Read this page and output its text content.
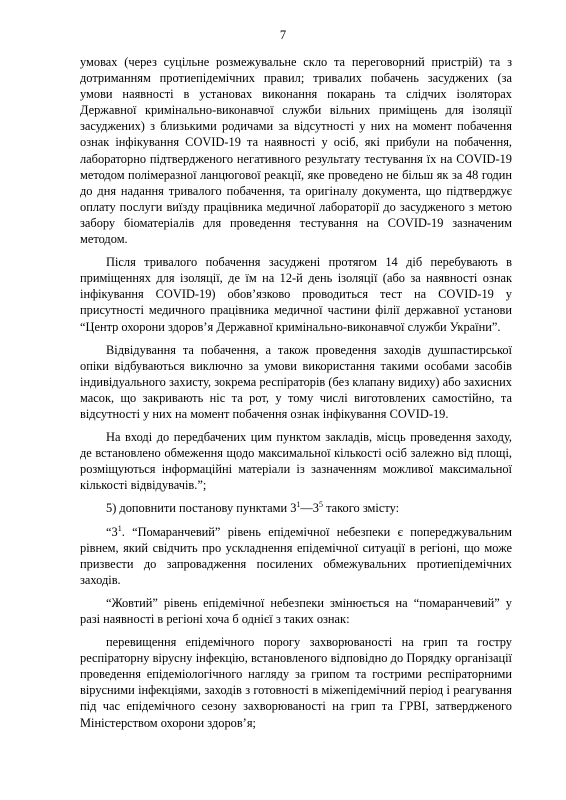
7

умовах (через суцільне розмежувальне скло та переговорний пристрій) та з дотриманням протиепідемічних правил; тривалих побачень засуджених (за умови наявності в установах виконання покарань та слідчих ізоляторах Державної кримінально-виконавчої служби вільних приміщень для ізоляції засуджених) з близькими родичами за відсутності у них на момент побачення ознак інфікування COVID-19 та наявності у осіб, які прибули на побачення, лабораторно підтвердженого негативного результату тестування їх на COVID-19 методом полімеразної ланцюгової реакції, яке проведено не більш як за 48 годин до дня надання тривалого побачення, та оригіналу документа, що підтверджує оплату послуги виїзду працівника медичної лабораторії до засудженого з метою забору біоматеріалів для проведення тестування на COVID-19 зазначеним методом.

Після тривалого побачення засуджені протягом 14 діб перебувають в приміщеннях для ізоляції, де їм на 12-й день ізоляції (або за наявності ознак інфікування COVID-19) обов’язково проводиться тест на COVID-19 у присутності медичного працівника медичної частини філії державної установи “Центр охорони здоров’я Державної кримінально-виконавчої служби України”.

Відвідування та побачення, а також проведення заходів душпастирської опіки відбуваються виключно за умови використання такими особами засобів індивідуального захисту, зокрема респіраторів (без клапану видиху) або захисних масок, що закривають ніс та рот, у тому числі виготовлених самостійно, та відсутності у них на момент побачення ознак інфікування COVID-19.

На вході до передбачених цим пунктом закладів, місць проведення заходу, де встановлено обмеження щодо максимальної кількості осіб залежно від площі, розміщуються інформаційні матеріали із зазначенням можливої максимальної кількості відвідувачів.”;

5) доповнити постанову пунктами $3^1—3^5$ такого змісту:

“$3^1$. “Помаранчевий” рівень епідемічної небезпеки є попереджувальним рівнем, який свідчить про ускладнення епідемічної ситуації в регіоні, що може призвести до запровадження посилених обмежувальних протиепідемічних заходів.

“Жовтий” рівень епідемічної небезпеки змінюється на “помаранчевий” у разі наявності в регіоні хоча б однієї з таких ознак:

перевищення епідемічного порогу захворюваності на грип та гостру респіраторну вірусну інфекцію, встановленого відповідно до Порядку організації проведення епідеміологічного нагляду за грипом та гострими респіраторними вірусними інфекціями, заходів з готовності в міжепідемічний період і реагування під час епідемічного сезону захворюваності на грип та ГРВІ, затвердженого Міністерством охорони здоров’я;
